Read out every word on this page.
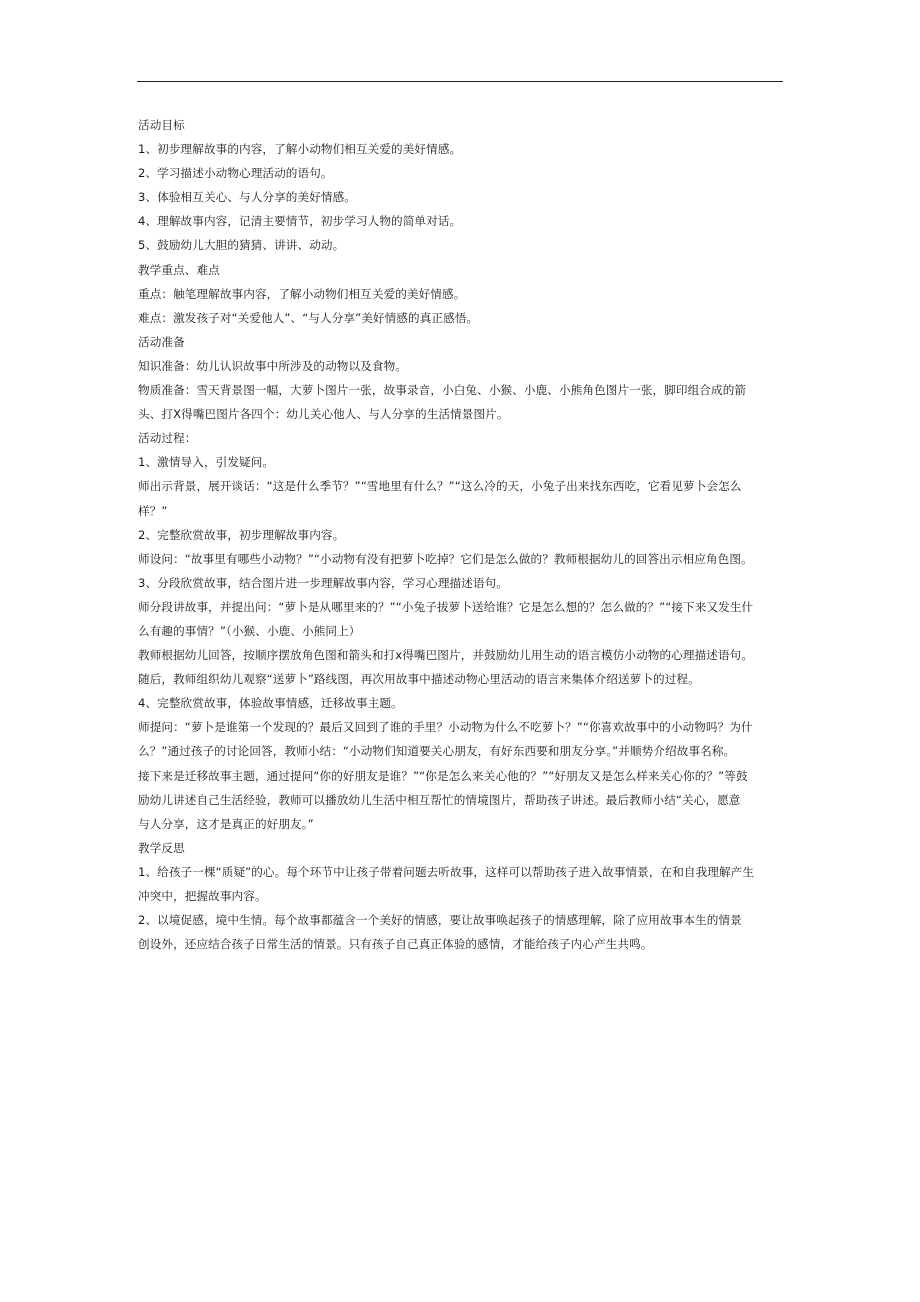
活动目标
1、初步理解故事的内容，了解小动物们相互关爱的美好情感。
2、学习描述小动物心理活动的语句。
3、体验相互关心、与人分享的美好情感。
4、理解故事内容，记清主要情节，初步学习人物的简单对话。
5、鼓励幼儿大胆的猜猜、讲讲、动动。
教学重点、难点
重点：触笔理解故事内容，了解小动物们相互关爱的美好情感。
难点：激发孩子对“关爱他人”、“与人分享”美好情感的真正感悟。
活动准备
知识准备：幼儿认识故事中所涉及的动物以及食物。
物质准备：雪天背景图一幅，大萝卜图片一张，故事录音，小白兔、小猴、小鹿、小熊角色图片一张，脚印组合成的箭
头、打X得嘴巴图片各四个：幼儿关心他人、与人分享的生活情景图片。
活动过程：
1、激情导入，引发疑问。
师出示背景，展开谈话：“这是什么季节？”“雪地里有什么？”“这么冷的天，小兔子出来找东西吃，它看见萝卜会怎么
样？”
2、完整欣赏故事，初步理解故事内容。
师设问：“故事里有哪些小动物？”“小动物有没有把萝卜吃掉？它们是怎么做的？教师根据幼儿的回答出示相应角色图。
3、分段欣赏故事，结合图片进一步理解故事内容，学习心理描述语句。
师分段讲故事，并提出问：“萝卜是从哪里来的？”“小兔子拔萝卜送给谁？它是怎么想的？怎么做的？”“接下来又发生什
么有趣的事情？”（小猴、小鹿、小熊同上）
教师根据幼儿回答，按顺序摆放角色图和箭头和打x得嘴巴图片，并鼓励幼儿用生动的语言模仿小动物的心理描述语句。
随后，教师组织幼儿观察“送萝卜”路线图，再次用故事中描述动物心里活动的语言来集体介绍送萝卜的过程。
4、完整欣赏故事，体验故事情感，迁移故事主题。
师提问：“萝卜是谁第一个发现的？最后又回到了谁的手里？小动物为什么不吃萝卜？”“你喜欢故事中的小动物吗？为什
么？”通过孩子的讨论回答，教师小结：“小动物们知道要关心朋友，有好东西要和朋友分享。”并顺势介绍故事名称。
接下来是迁移故事主题，通过提问“你的好朋友是谁？”“你是怎么来关心他的？”“好朋友又是怎么样来关心你的？”等鼓
励幼儿讲述自己生活经验，教师可以播放幼儿生活中相互帮忙的情境图片，帮助孩子讲述。最后教师小结“关心，愿意
与人分享，这才是真正的好朋友。”
教学反思
1、给孩子一棵“质疑”的心。每个环节中让孩子带着问题去听故事，这样可以帮助孩子进入故事情景，在和自我理解产生
冲突中，把握故事内容。
2、以境促感，境中生情。每个故事都蕴含一个美好的情感，要让故事唤起孩子的情感理解，除了应用故事本生的情景
创设外，还应结合孩子日常生活的情景。只有孩子自己真正体验的感情，才能给孩子内心产生共鸣。
